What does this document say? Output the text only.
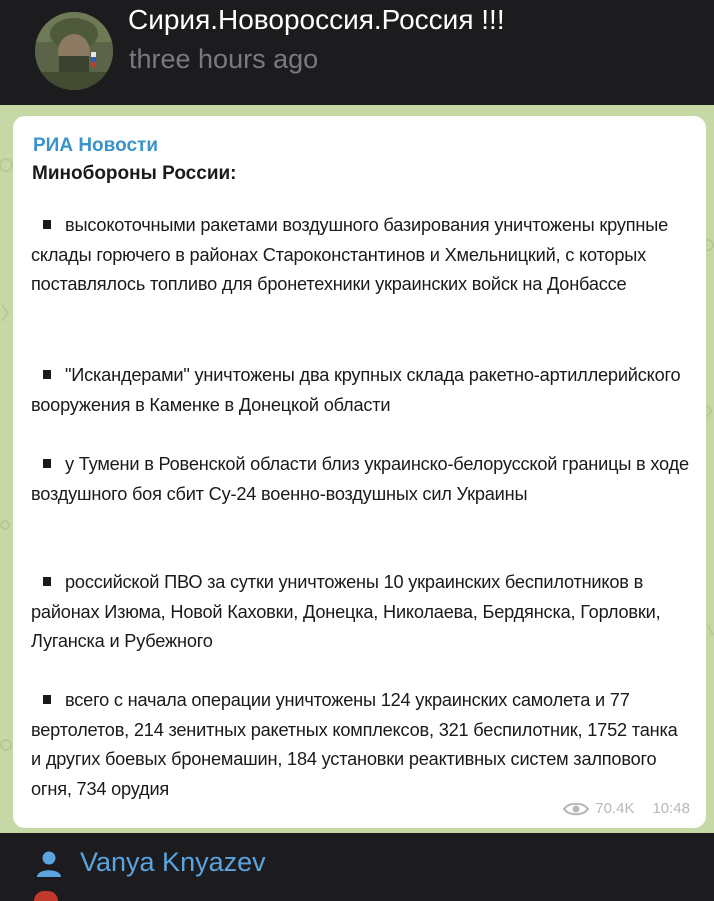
Сирия.Новороссия.Россия !!!
three hours ago
РИА Новости
Минобороны России:
высокоточными ракетами воздушного базирования уничтожены крупные склады горючего в районах Староконстантинов и Хмельницкий, с которых поставлялось топливо для бронетехники украинских войск на Донбассе
"Искандерами" уничтожены два крупных склада ракетно-артиллерийского вооружения в Каменке в Донецкой области
у Тумени в Ровенской области близ украинско-белорусской границы в ходе воздушного боя сбит Су-24 военно-воздушных сил Украины
российской ПВО за сутки уничтожены 10 украинских беспилотников в районах Изюма, Новой Каховки, Донецка, Николаева, Бердянска, Горловки, Луганска и Рубежного
всего с начала операции уничтожены 124 украинских самолета и 77 вертолетов, 214 зенитных ракетных комплексов, 321 беспилотник, 1752 танка и других боевых бронемашин, 184 установки реактивных систем залпового огня, 734 орудия
70.4K 10:48
Vanya Knyazev
